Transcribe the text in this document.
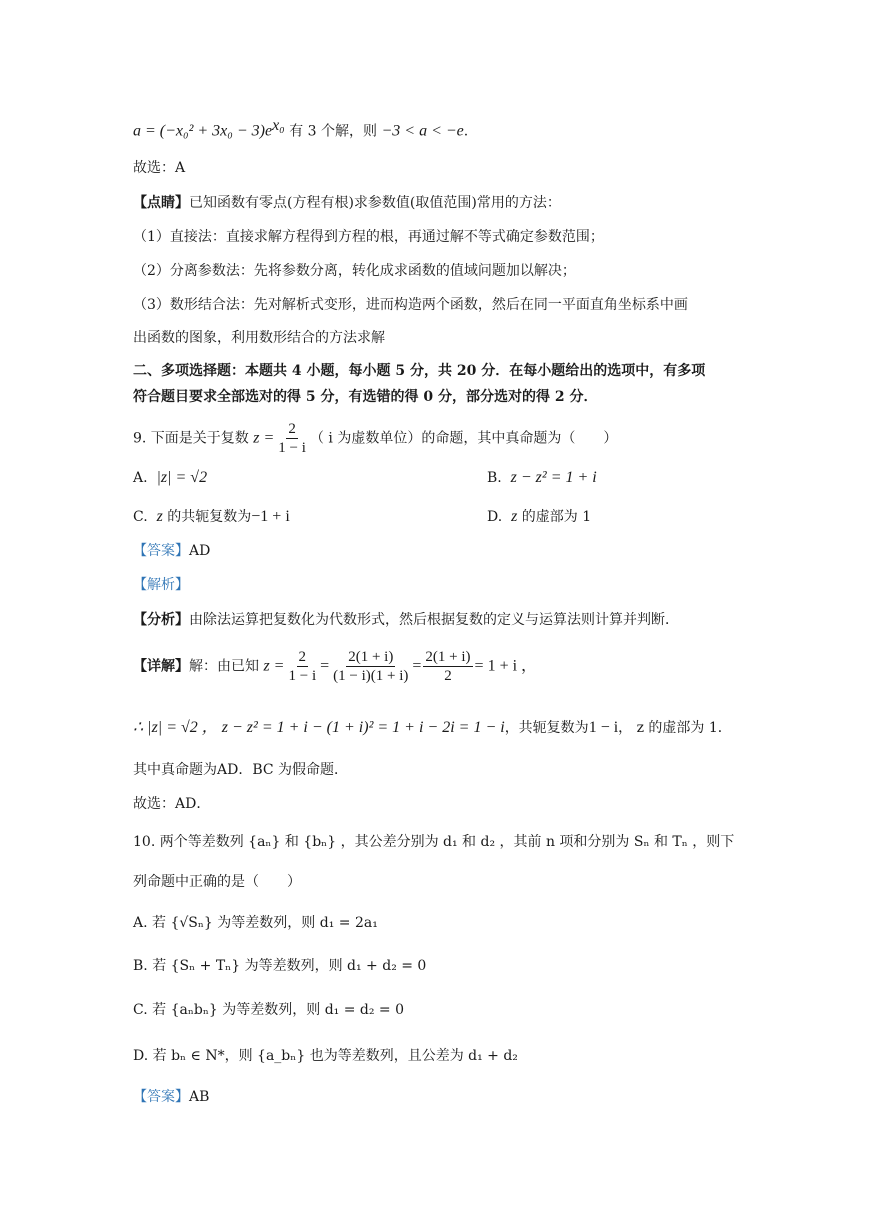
$a = (-x_0^2 + 3x_0 - 3)e^{x_0}$ 有 3 个解，则 −3 < a < −e.
故选：A
【点睛】已知函数有零点(方程有根)求参数值(取值范围)常用的方法：
（1）直接法：直接求解方程得到方程的根，再通过解不等式确定参数范围；
（2）分离参数法：先将参数分离，转化成求函数的值域问题加以解决；
（3）数形结合法：先对解析式变形，进而构造两个函数，然后在同一平面直角坐标系中画
出函数的图象，利用数形结合的方法求解
二、多项选择题：本题共 4 小题，每小题 5 分，共 20 分．在每小题给出的选项中，有多项
符合题目要求全部选对的得 5 分，有选错的得 0 分，部分选对的得 2 分．
9. 下面是关于复数 $z = \frac{2}{1 - i}$ （ i 为虚数单位）的命题，其中真命题为（　　）
A. |z| = √2	B. z − z² = 1 + i
C. z 的共轭复数为−1 + i	D. z 的虚部为 1
【答案】AD
【解析】
【分析】由除法运算把复数化为代数形式，然后根据复数的定义与运算法则计算并判断．
【详解】解：由已知 $z = \frac{2}{1 - i} = \frac{2(1 + i)}{(1 - i)(1 + i)} = \frac{2(1 + i)}{2} = 1 + i$ ，
∴ |z| = √2 ， z − z² = 1 + i − (1 + i)² = 1 + i − 2i = 1 − i，共轭复数为1 − i， z 的虚部为 1．
其中真命题为AD．BC 为假命题．
故选：AD．
10. 两个等差数列 {aₙ} 和 {bₙ} ，其公差分别为 d₁ 和 d₂ ，其前 n 项和分别为 Sₙ 和 Tₙ ，则下
列命题中正确的是（　　）
A. 若 {√Sₙ} 为等差数列，则 d₁ = 2a₁
B. 若 {Sₙ + Tₙ} 为等差数列，则 d₁ + d₂ = 0
C. 若 {aₙbₙ} 为等差数列，则 d₁ = d₂ = 0
D. 若 bₙ ∈ N*，则 {a_bₙ} 也为等差数列，且公差为 d₁ + d₂
【答案】AB
